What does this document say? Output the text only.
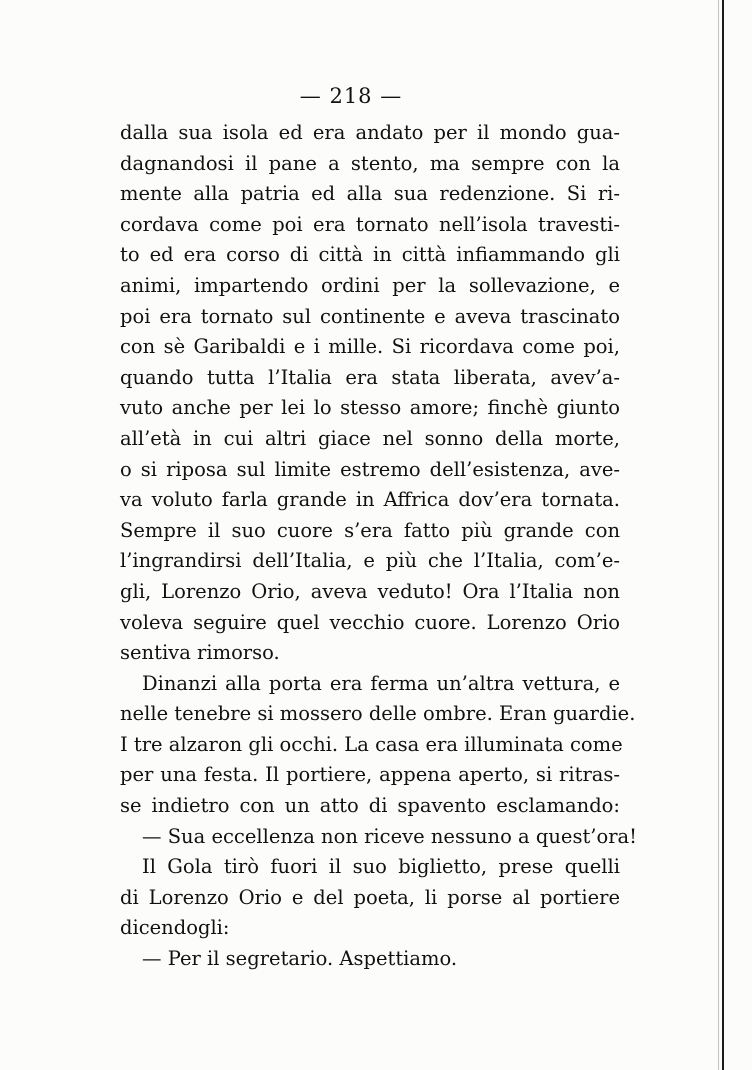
— 218 —
dalla sua isola ed era andato per il mondo gua-
dagnandosi il pane a stento, ma sempre con la
mente alla patria ed alla sua redenzione. Si ri-
cordava come poi era tornato nell’isola travesti-
to ed era corso di città in città infiammando gli
animi, impartendo ordini per la sollevazione, e
poi era tornato sul continente e aveva trascinato
con sè Garibaldi e i mille. Si ricordava come poi,
quando tutta l’Italia era stata liberata, avev’a-
vuto anche per lei lo stesso amore; finchè giunto
all’età in cui altri giace nel sonno della morte,
o si riposa sul limite estremo dell’esistenza, ave-
va voluto farla grande in Affrica dov’era tornata.
Sempre il suo cuore s’era fatto più grande con
l’ingrandirsi dell’Italia, e più che l’Italia, com’e-
gli, Lorenzo Orio, aveva veduto! Ora l’Italia non
voleva seguire quel vecchio cuore. Lorenzo Orio
sentiva rimorso.
Dinanzi alla porta era ferma un’altra vettura, e
nelle tenebre si mossero delle ombre. Eran guardie.
I tre alzaron gli occhi. La casa era illuminata come
per una festa. Il portiere, appena aperto, si ritras-
se indietro con un atto di spavento esclamando:
— Sua eccellenza non riceve nessuno a quest’ora!
Il Gola tirò fuori il suo biglietto, prese quelli
di Lorenzo Orio e del poeta, li porse al portiere
dicendogli:
— Per il segretario. Aspettiamo.
